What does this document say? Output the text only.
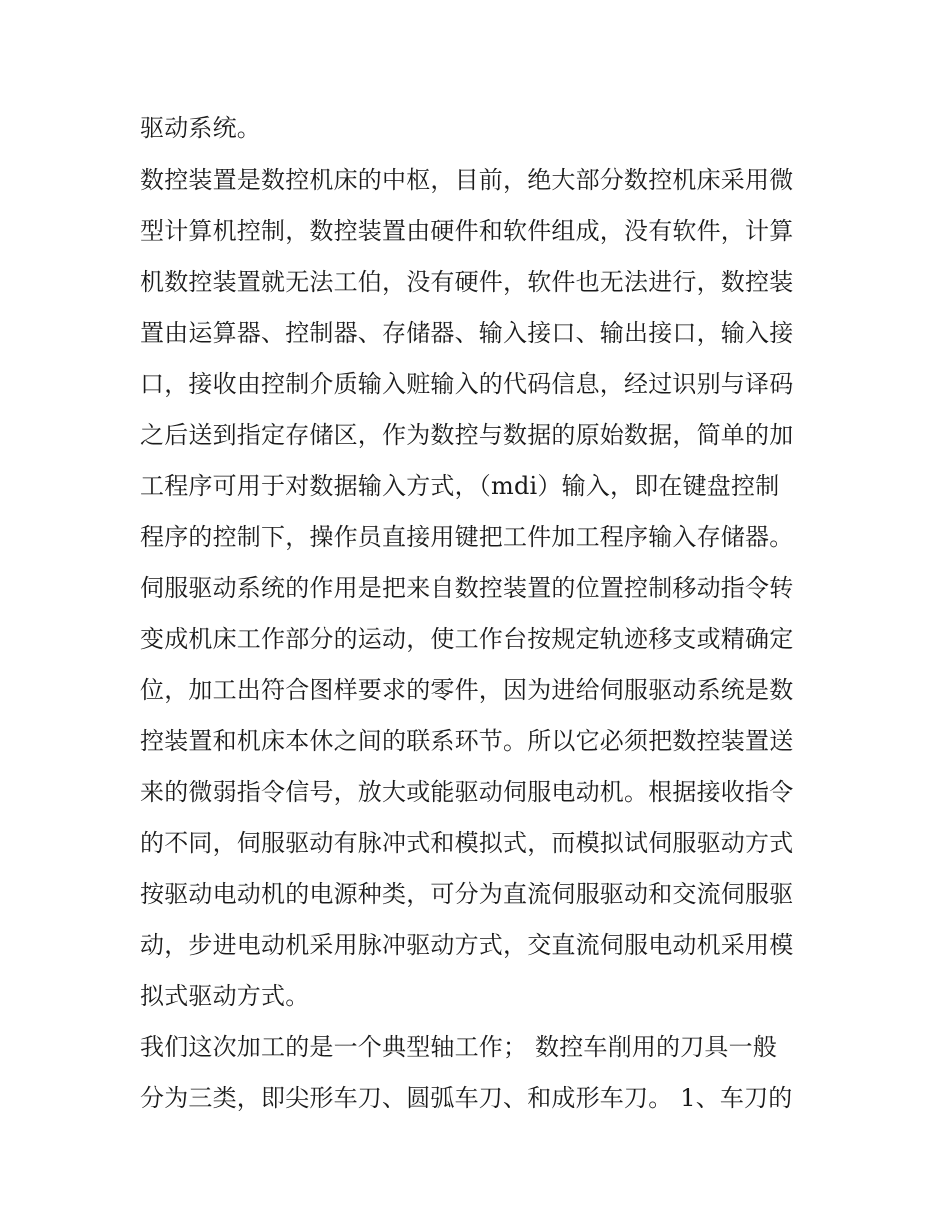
驱动系统。
数控装置是数控机床的中枢，目前，绝大部分数控机床采用微
型计算机控制，数控装置由硬件和软件组成，没有软件，计算
机数控装置就无法工伯，没有硬件，软件也无法进行，数控装
置由运算器、控制器、存储器、输入接口、输出接口，输入接
口，接收由控制介质输入赃输入的代码信息，经过识别与译码
之后送到指定存储区，作为数控与数据的原始数据，简单的加
工程序可用于对数据输入方式，（mdi）输入，即在键盘控制
程序的控制下，操作员直接用键把工件加工程序输入存储器。
伺服驱动系统的作用是把来自数控装置的位置控制移动指令转
变成机床工作部分的运动，使工作台按规定轨迹移支或精确定
位，加工出符合图样要求的零件，因为进给伺服驱动系统是数
控装置和机床本休之间的联系环节。所以它必须把数控装置送
来的微弱指令信号，放大或能驱动伺服电动机。根据接收指令
的不同，伺服驱动有脉冲式和模拟式，而模拟试伺服驱动方式
按驱动电动机的电源种类，可分为直流伺服驱动和交流伺服驱
动，步进电动机采用脉冲驱动方式，交直流伺服电动机采用模
拟式驱动方式。
我们这次加工的是一个典型轴工作； 数控车削用的刀具一般
分为三类，即尖形车刀、圆弧车刀、和成形车刀。 1、车刀的
